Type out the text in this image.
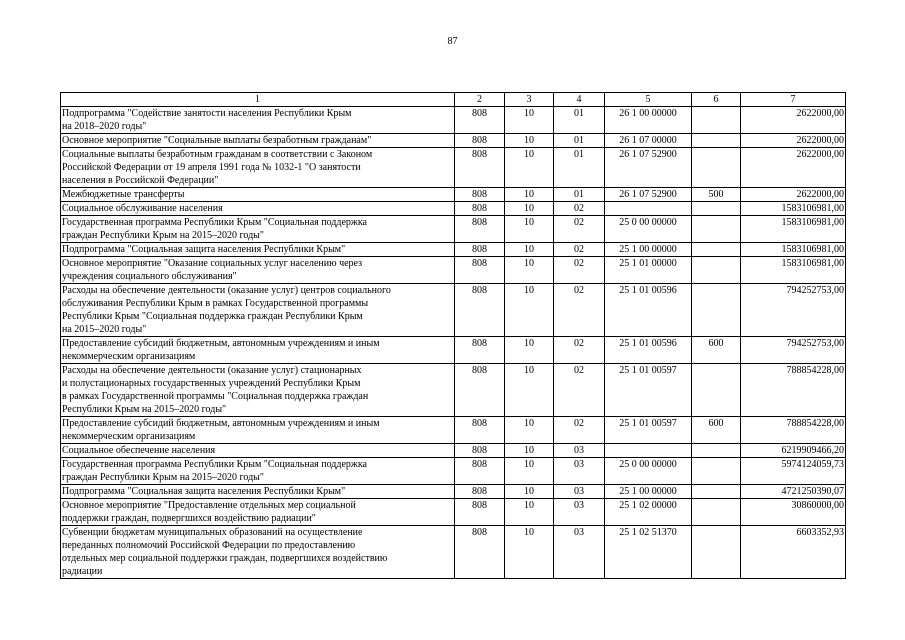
87
1	2	3	4	5	6	7
Подпрограмма "Содействие занятости населения Республики Крым
на 2018–2020 годы"	808	10	01	26 1 00 00000		2622000,00
Основное мероприятие "Социальные выплаты безработным гражданам"	808	10	01	26 1 07 00000		2622000,00
Социальные выплаты безработным гражданам в соответствии с Законом
Российской Федерации от 19 апреля 1991 года № 1032-1 "О занятости
населения в Российской Федерации"	808	10	01	26 1 07 52900		2622000,00
Межбюджетные трансферты	808	10	01	26 1 07 52900	500	2622000,00
Социальное обслуживание населения	808	10	02			1583106981,00
Государственная программа Республики Крым "Социальная поддержка
граждан Республики Крым на 2015–2020 годы"	808	10	02	25 0 00 00000		1583106981,00
Подпрограмма "Социальная защита населения Республики Крым"	808	10	02	25 1 00 00000		1583106981,00
Основное мероприятие "Оказание социальных услуг населению через
учреждения социального обслуживания"	808	10	02	25 1 01 00000		1583106981,00
Расходы на обеспечение деятельности (оказание услуг) центров социального
обслуживания Республики Крым в рамках Государственной программы
Республики Крым "Социальная поддержка граждан Республики Крым
на 2015–2020 годы"	808	10	02	25 1 01 00596		794252753,00
Предоставление субсидий бюджетным, автономным учреждениям и иным
некоммерческим организациям	808	10	02	25 1 01 00596	600	794252753,00
Расходы на обеспечение деятельности (оказание услуг) стационарных
и полустационарных государственных учреждений Республики Крым
в рамках Государственной программы "Социальная поддержка граждан
Республики Крым на 2015–2020 годы"	808	10	02	25 1 01 00597		788854228,00
Предоставление субсидий бюджетным, автономным учреждениям и иным
некоммерческим организациям	808	10	02	25 1 01 00597	600	788854228,00
Социальное обеспечение населения	808	10	03			6219909466,20
Государственная программа Республики Крым "Социальная поддержка
граждан Республики Крым на 2015–2020 годы"	808	10	03	25 0 00 00000		5974124059,73
Подпрограмма "Социальная защита населения Республики Крым"	808	10	03	25 1 00 00000		4721250390,07
Основное мероприятие "Предоставление отдельных мер социальной
поддержки граждан, подвергшихся воздействию радиации"	808	10	03	25 1 02 00000		30860000,00
Субвенции бюджетам муниципальных образований на осуществление
переданных полномочий Российской Федерации по предоставлению
отдельных мер социальной поддержки граждан, подвергшихся воздействию
радиации	808	10	03	25 1 02 51370		6603352,93
